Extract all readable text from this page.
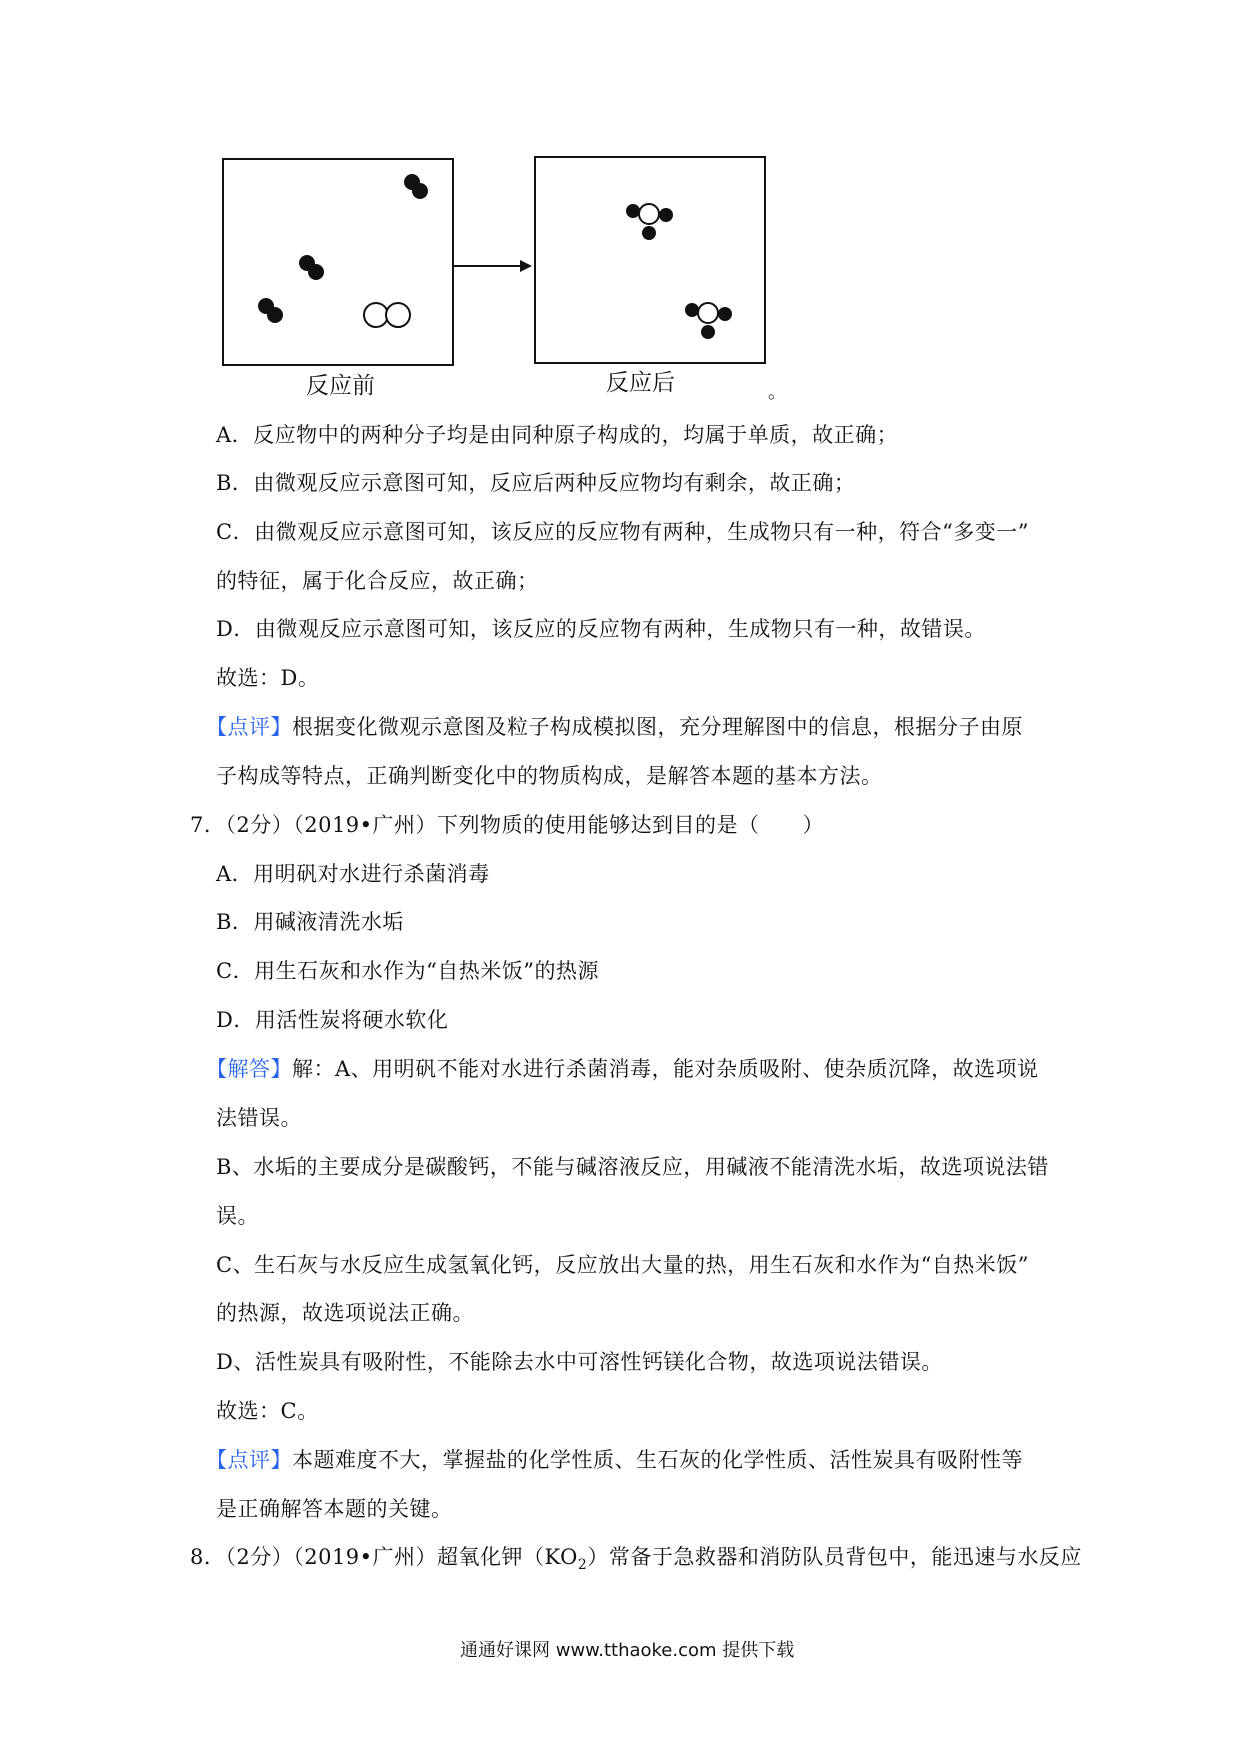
反应前	反应后	。
A．反应物中的两种分子均是由同种原子构成的，均属于单质，故正确；
B．由微观反应示意图可知，反应后两种反应物均有剩余，故正确；
C．由微观反应示意图可知，该反应的反应物有两种，生成物只有一种，符合“多变一”
的特征，属于化合反应，故正确；
D．由微观反应示意图可知，该反应的反应物有两种，生成物只有一种，故错误。
故选：D。
【点评】根据变化微观示意图及粒子构成模拟图，充分理解图中的信息，根据分子由原
子构成等特点，正确判断变化中的物质构成，是解答本题的基本方法。
7．（2分）（2019•广州）下列物质的使用能够达到目的是（　　）
A．用明矾对水进行杀菌消毒
B．用碱液清洗水垢
C．用生石灰和水作为“自热米饭”的热源
D．用活性炭将硬水软化
【解答】解：A、用明矾不能对水进行杀菌消毒，能对杂质吸附、使杂质沉降，故选项说
法错误。
B、水垢的主要成分是碳酸钙，不能与碱溶液反应，用碱液不能清洗水垢，故选项说法错
误。
C、生石灰与水反应生成氢氧化钙，反应放出大量的热，用生石灰和水作为“自热米饭”
的热源，故选项说法正确。
D、活性炭具有吸附性，不能除去水中可溶性钙镁化合物，故选项说法错误。
故选：C。
【点评】本题难度不大，掌握盐的化学性质、生石灰的化学性质、活性炭具有吸附性等
是正确解答本题的关键。
8．（2分）（2019•广州）超氧化钾$(KO_2)$常备于急救器和消防队员背包中，能迅速与水反应
通通好课网 www.tthaoke.com 提供下载
